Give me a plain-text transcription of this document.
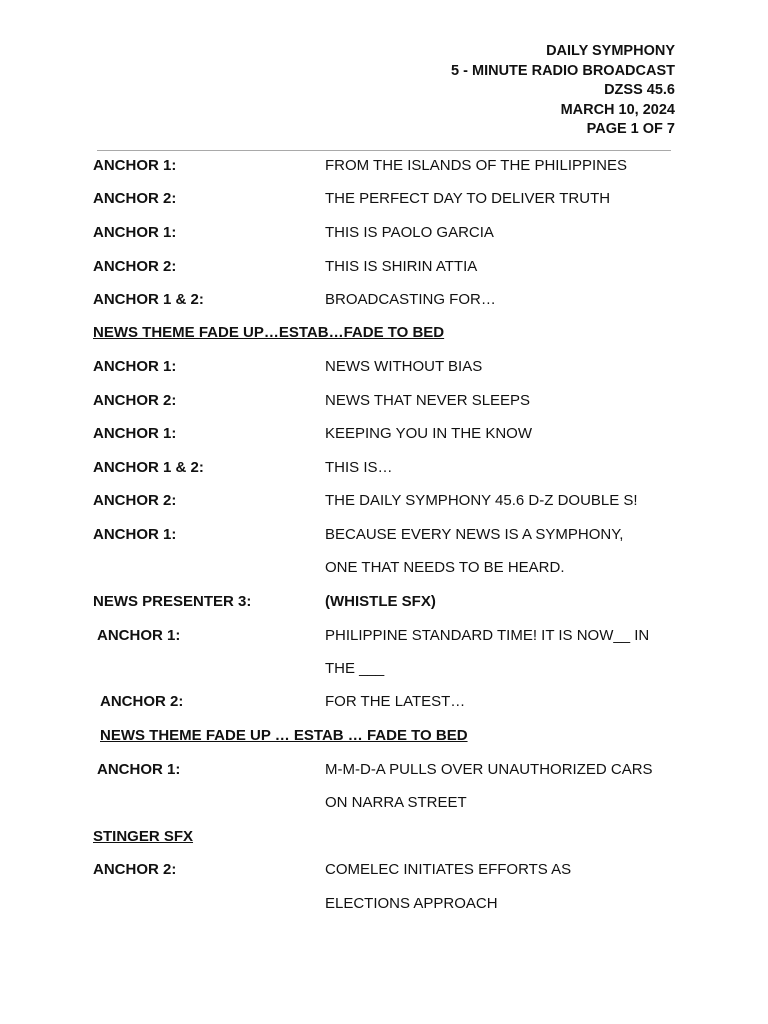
DAILY SYMPHONY
5 - MINUTE RADIO BROADCAST
DZSS 45.6
MARCH 10, 2024
PAGE 1 OF 7
ANCHOR 1:	FROM THE ISLANDS OF THE PHILIPPINES
ANCHOR 2:	THE PERFECT DAY TO DELIVER TRUTH
ANCHOR 1:	THIS IS PAOLO GARCIA
ANCHOR 2:	THIS IS SHIRIN ATTIA
ANCHOR 1 & 2:	BROADCASTING FOR…
NEWS THEME FADE UP…ESTAB…FADE TO BED
ANCHOR 1:	NEWS WITHOUT BIAS
ANCHOR 2:	NEWS THAT NEVER SLEEPS
ANCHOR 1:	KEEPING YOU IN THE KNOW
ANCHOR 1 & 2:	THIS IS…
ANCHOR 2:	THE DAILY SYMPHONY 45.6 D-Z DOUBLE S!
ANCHOR 1:	BECAUSE EVERY NEWS IS A SYMPHONY,
ONE THAT NEEDS TO BE HEARD.
NEWS PRESENTER 3:	(WHISTLE SFX)
ANCHOR 1:	PHILIPPINE STANDARD TIME! IT IS NOW__ IN
THE ___
ANCHOR 2:	FOR THE LATEST…
NEWS THEME FADE UP … ESTAB … FADE TO BED
ANCHOR 1:	M-M-D-A PULLS OVER UNAUTHORIZED CARS
ON NARRA STREET
STINGER SFX
ANCHOR 2:	COMELEC INITIATES EFFORTS AS
ELECTIONS APPROACH
